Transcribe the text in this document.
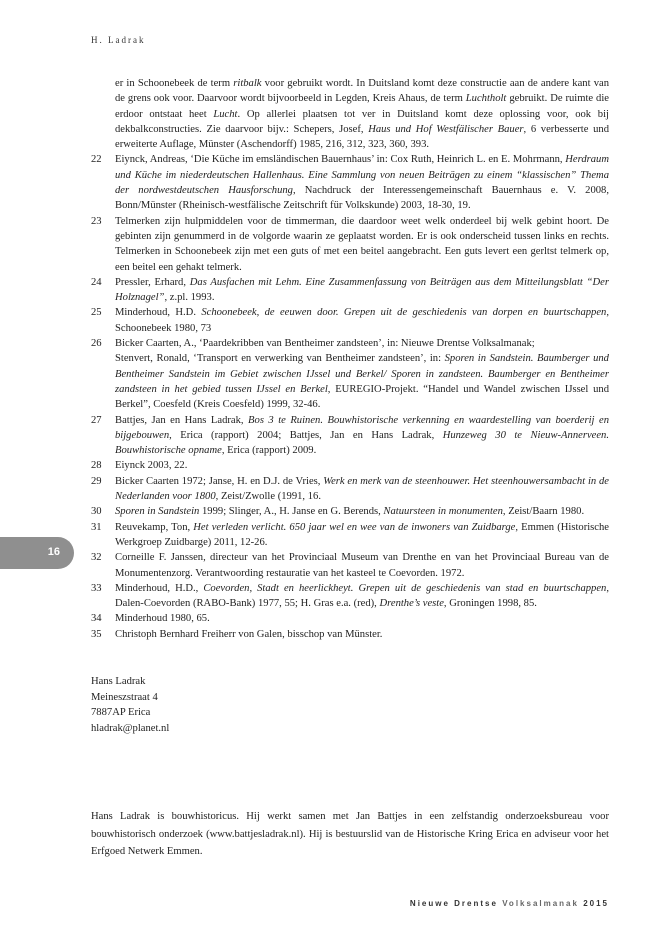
H. Ladrak
er in Schoonebeek de term ritbalk voor gebruikt wordt. In Duitsland komt deze constructie aan de andere kant van de grens ook voor. Daarvoor wordt bijvoorbeeld in Legden, Kreis Ahaus, de term Luchtholt gebruikt. De ruimte die erdoor ontstaat heet Lucht. Op allerlei plaatsen tot ver in Duitsland komt deze oplossing voor, ook bij dekbalkconstructies. Zie daarvoor bijv.: Schepers, Josef, Haus und Hof Westfälischer Bauer, 6 verbesserte und erweiterte Auflage, Münster (Aschendorff) 1985, 216, 312, 323, 360, 393.
22	Eiynck, Andreas, ‘Die Küche im emsländischen Bauernhaus’ in: Cox Ruth, Heinrich L. en E. Mohrmann, Herdraum und Küche im niederdeutschen Hallenhaus. Eine Sammlung von neuen Beiträgen zu einem “klassischen” Thema der nordwestdeutschen Hausforschung, Nachdruck der Interessengemeinschaft Bauernhaus e. V. 2008, Bonn/Münster (Rheinisch-westfälische Zeitschrift für Volkskunde) 2003, 18-30, 19.
23	Telmerken zijn hulpmiddelen voor de timmerman, die daardoor weet welk onderdeel bij welk gebint hoort. De gebinten zijn genummerd in de volgorde waarin ze geplaatst worden. Er is ook onderscheid tussen links en rechts. Telmerken in Schoonebeek zijn met een guts of met een beitel aangebracht. Een guts levert een gerltst telmerk op, een beitel een gehakt telmerk.
24	Pressler, Erhard, Das Ausfachen mit Lehm. Eine Zusammenfassung von Beiträgen aus dem Mitteilungsblatt “Der Holznagel”, z.pl. 1993.
25	Minderhoud, H.D. Schoonebeek, de eeuwen door. Grepen uit de geschiedenis van dorpen en buurtschappen, Schoonebeek 1980, 73
26	Bicker Caarten, A., ‘Paardekribben van Bentheimer zandsteen’, in: Nieuwe Drentse Volksalmanak;
Stenvert, Ronald, ‘Transport en verwerking van Bentheimer zandsteen’, in: Sporen in Sandstein. Baumberger und Bentheimer Sandstein im Gebiet zwischen IJssel und Berkel/ Sporen in zandsteen. Baumberger en Bentheimer zandsteen in het gebied tussen IJssel en Berkel, EUREGIO-Projekt. “Handel und Wandel zwischen IJssel und Berkel”, Coesfeld (Kreis Coesfeld) 1999, 32-46.
27	Battjes, Jan en Hans Ladrak, Bos 3 te Ruinen. Bouwhistorische verkenning en waardestelling van boerderij en bijgebouwen, Erica (rapport) 2004; Battjes, Jan en Hans Ladrak, Hunzeweg 30 te Nieuw-Annerveen. Bouwhistorische opname, Erica (rapport) 2009.
28	Eiynck 2003, 22.
29	Bicker Caarten 1972; Janse, H. en D.J. de Vries, Werk en merk van de steenhouwer. Het steenhouwersambacht in de Nederlanden voor 1800, Zeist/Zwolle (1991, 16.
30	Sporen in Sandstein 1999; Slinger, A., H. Janse en G. Berends, Natuursteen in monumenten, Zeist/Baarn 1980.
31	Reuvekamp, Ton, Het verleden verlicht. 650 jaar wel en wee van de inwoners van Zuidbarge, Emmen (Historische Werkgroep Zuidbarge) 2011, 12-26.
32	Corneille F. Janssen, directeur van het Provinciaal Museum van Drenthe en van het Provinciaal Bureau van de Monumentenzorg. Verantwoording restauratie van het kasteel te Coevorden. 1972.
33	Minderhoud, H.D., Coevorden, Stadt en heerlickheyt. Grepen uit de geschiedenis van stad en buurtschappen, Dalen-Coevorden (RABO-Bank) 1977, 55; H. Gras e.a. (red), Drenthe’s veste, Groningen 1998, 85.
34	Minderhoud 1980, 65.
35	Christoph Bernhard Freiherr von Galen, bisschop van Münster.
16
Hans Ladrak
Meineszstraat 4
7887AP Erica
hladrak@planet.nl
Hans Ladrak is bouwhistoricus. Hij werkt samen met Jan Battjes in een zelfstandig onderzoeksbureau voor bouwhistorisch onderzoek (www.battjesladrak.nl). Hij is bestuurslid van de Historische Kring Erica en adviseur voor het Erfgoed Netwerk Emmen.
Nieuwe Drentse Volksalmanak 2015
